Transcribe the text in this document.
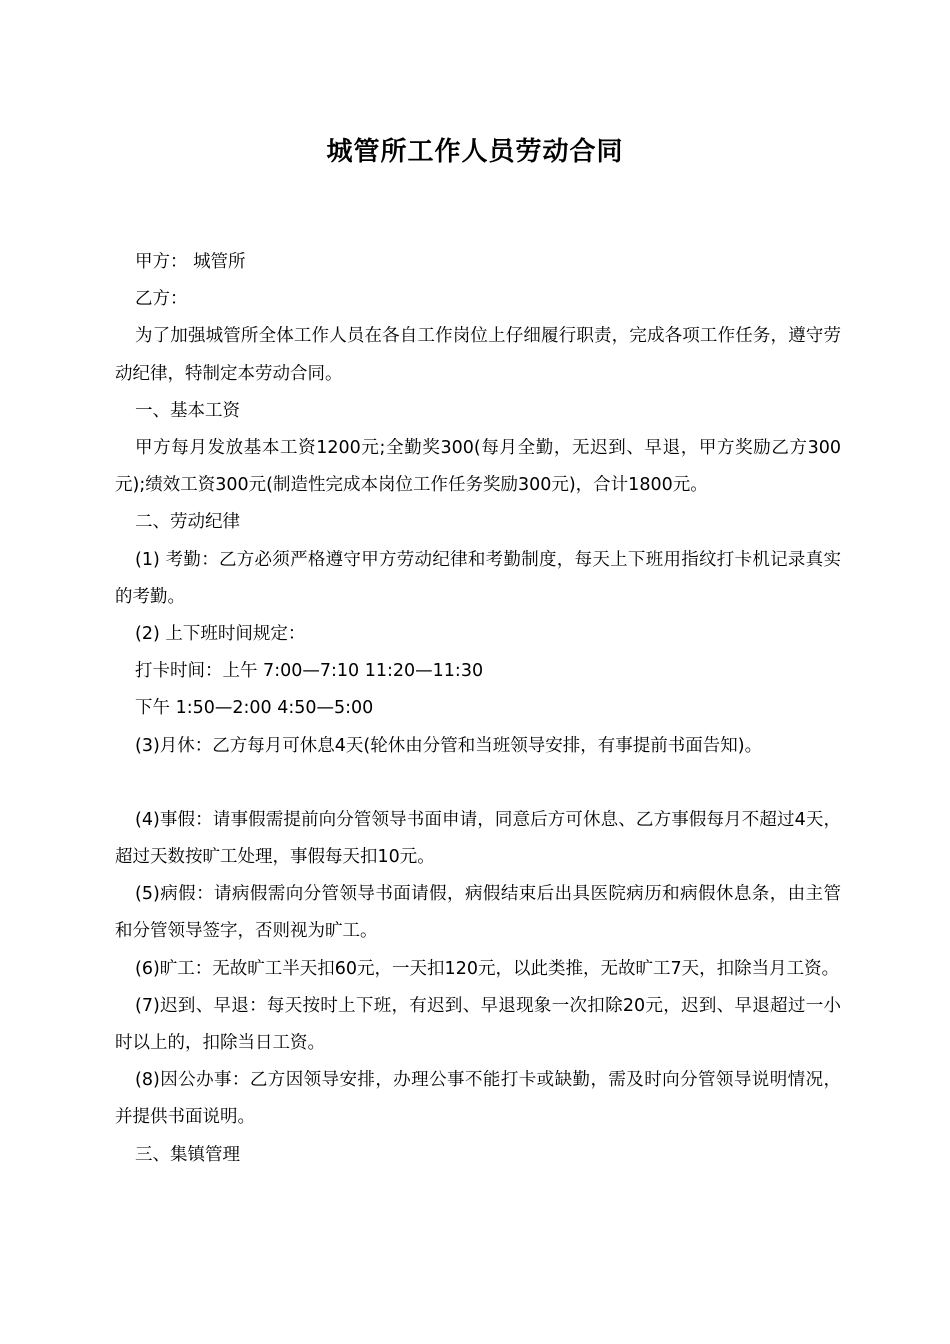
城管所工作人员劳动合同

甲方： 城管所

乙方：

为了加强城管所全体工作人员在各自工作岗位上仔细履行职责，完成各项工作任务，遵守劳动纪律，特制定本劳动合同。

一、基本工资

甲方每月发放基本工资1200元;全勤奖300(每月全勤，无迟到、早退，甲方奖励乙方300元);绩效工资300元(制造性完成本岗位工作任务奖励300元)，合计1800元。

二、劳动纪律

(1) 考勤：乙方必须严格遵守甲方劳动纪律和考勤制度，每天上下班用指纹打卡机记录真实的考勤。

(2) 上下班时间规定：

打卡时间：上午 7:00—7:10 11:20—11:30

下午 1:50—2:00 4:50—5:00

(3)月休：乙方每月可休息4天(轮休由分管和当班领导安排，有事提前书面告知)。

(4)事假：请事假需提前向分管领导书面申请，同意后方可休息、乙方事假每月不超过4天，超过天数按旷工处理，事假每天扣10元。

(5)病假：请病假需向分管领导书面请假，病假结束后出具医院病历和病假休息条，由主管和分管领导签字，否则视为旷工。

(6)旷工：无故旷工半天扣60元，一天扣120元，以此类推，无故旷工7天，扣除当月工资。

(7)迟到、早退：每天按时上下班，有迟到、早退现象一次扣除20元，迟到、早退超过一小时以上的，扣除当日工资。

(8)因公办事：乙方因领导安排，办理公事不能打卡或缺勤，需及时向分管领导说明情况，并提供书面说明。

三、集镇管理
